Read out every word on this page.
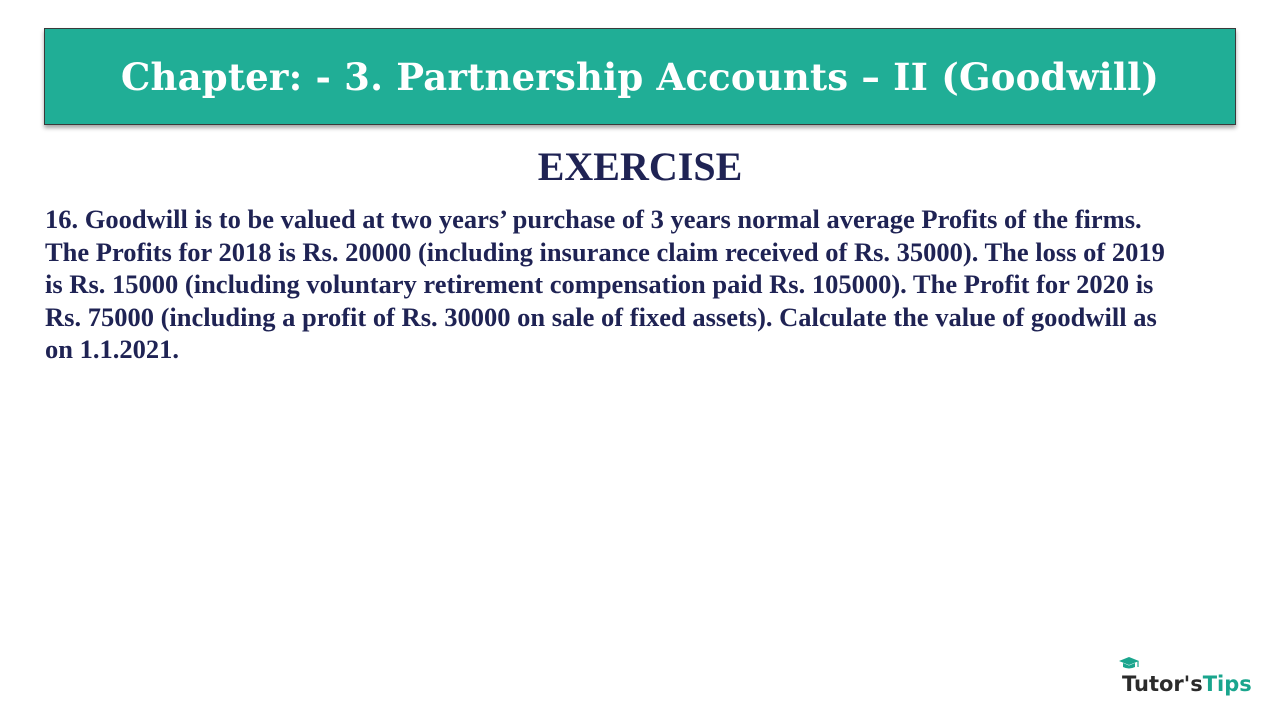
Chapter: - 3. Partnership Accounts – II (Goodwill)
EXERCISE

16. Goodwill is to be valued at two years’ purchase of 3 years normal average Profits of the firms. The Profits for 2018 is Rs. 20000 (including insurance claim received of Rs. 35000). The loss of 2019 is Rs. 15000 (including voluntary retirement compensation paid Rs. 105000). The Profit for 2020 is Rs. 75000 (including a profit of Rs. 30000 on sale of fixed assets). Calculate the value of goodwill as on 1.1.2021.

Tutor's Tips
